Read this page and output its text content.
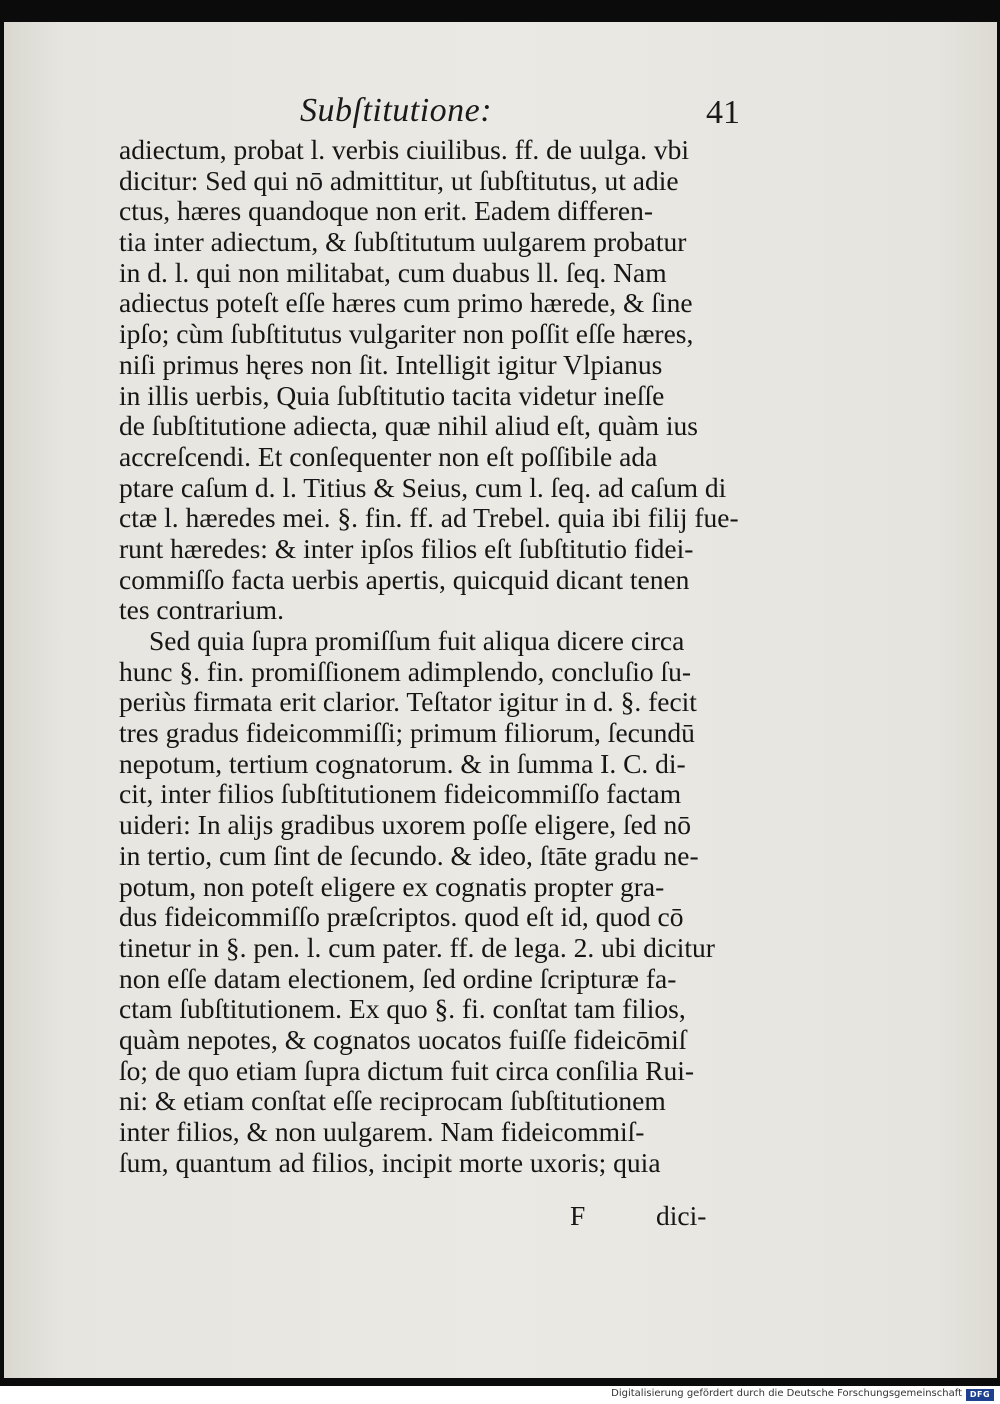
Subſtitutione:	41
adiectum, probat l. verbis ciuilibus. ff. de uulga. vbi
dicitur: Sed qui nō admittitur, ut ſubſtitutus, ut adie
ctus, hæres quandoque non erit. Eadem differen-
tia inter adiectum, & ſubſtitutum uulgarem probatur
in d. l. qui non militabat, cum duabus ll. ſeq. Nam
adiectus poteſt eſſe hæres cum primo hærede, & ſine
ipſo; cùm ſubſtitutus vulgariter non poſſit eſſe hæres,
niſi primus hęres non ſit. Intelligit igitur Vlpianus
in illis uerbis, Quia ſubſtitutio tacita videtur ineſſe
de ſubſtitutione adiecta, quæ nihil aliud eſt, quàm ius
accreſcendi. Et conſequenter non eſt poſſibile ada
ptare caſum d. l. Titius & Seius, cum l. ſeq. ad caſum di
ctæ l. hæredes mei. §. fin. ff. ad Trebel. quia ibi filij fue-
runt hæredes: & inter ipſos filios eſt ſubſtitutio fidei-
commiſſo facta uerbis apertis, quicquid dicant tenen
tes contrarium.
Sed quia ſupra promiſſum fuit aliqua dicere circa
hunc §. fin. promiſſionem adimplendo, concluſio ſu-
periùs firmata erit clarior. Teſtator igitur in d. §. fecit
tres gradus fideicommiſſi; primum filiorum, ſecundū
nepotum, tertium cognatorum. & in ſumma I. C. di-
cit, inter filios ſubſtitutionem fideicommiſſo factam
uideri: In alijs gradibus uxorem poſſe eligere, ſed nō
in tertio, cum ſint de ſecundo. & ideo, ſtāte gradu ne-
potum, non poteſt eligere ex cognatis propter gra-
dus fideicommiſſo præſcriptos. quod eſt id, quod cō
tinetur in §. pen. l. cum pater. ff. de lega. 2. ubi dicitur
non eſſe datam electionem, ſed ordine ſcripturæ fa-
ctam ſubſtitutionem. Ex quo §. fi. conſtat tam filios,
quàm nepotes, & cognatos uocatos fuiſſe fideicōmiſ
ſo; de quo etiam ſupra dictum fuit circa conſilia Rui-
ni: & etiam conſtat eſſe reciprocam ſubſtitutionem
inter filios, & non uulgarem. Nam fideicommiſ-
ſum, quantum ad filios, incipit morte uxoris; quia
F	dici-
Digitalisierung gefördert durch die Deutsche Forschungsgemeinschaft DFG
